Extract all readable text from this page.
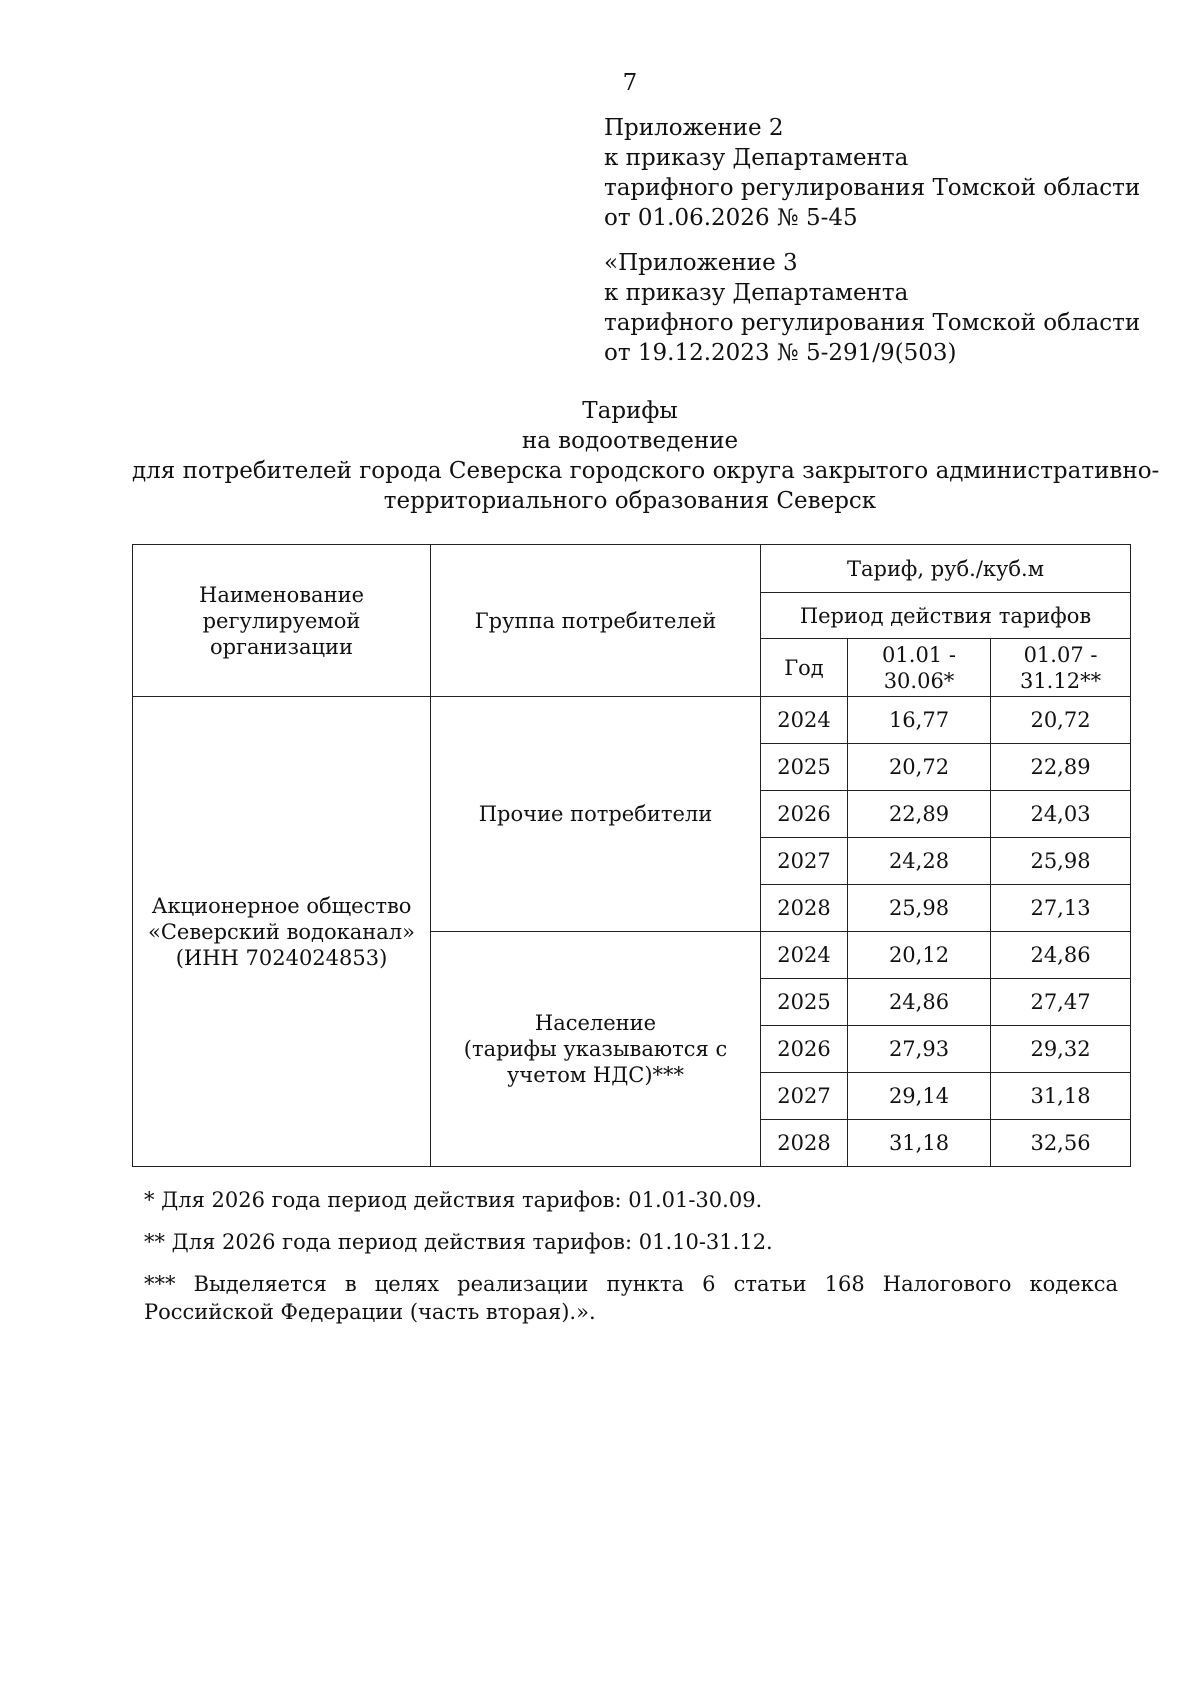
7
Приложение 2
к приказу Департамента
тарифного регулирования Томской области
от 01.06.2026 № 5-45
«Приложение 3
к приказу Департамента
тарифного регулирования Томской области
от 19.12.2023 № 5-291/9(503)
Тарифы
на водоотведение
для потребителей города Северска городского округа закрытого административно-
территориального образования Северск
Наименование регулируемой организации	Группа потребителей	Тариф, руб./куб.м		
		Период действия тарифов		
		Год	01.01 - 30.06*	01.07 - 31.12**

Акционерное общество
«Северский водоканал»
(ИНН 7024024853)	Прочие потребители	2024	16,77	20,72
		2025	20,72	22,89
		2026	22,89	24,03
		2027	24,28	25,98
		2028	25,98	27,13

	Население
(тарифы указываются с
учетом НДС)***	2024	20,12	24,86
		2025	24,86	27,47
		2026	27,93	29,32
		2027	29,14	31,18
		2028	31,18	32,56

* Для 2026 года период действия тарифов: 01.01-30.09.

** Для 2026 года период действия тарифов: 01.10-31.12.

*** Выделяется в целях реализации пункта 6 статьи 168 Налогового кодекса Российской Федерации (часть вторая).».
